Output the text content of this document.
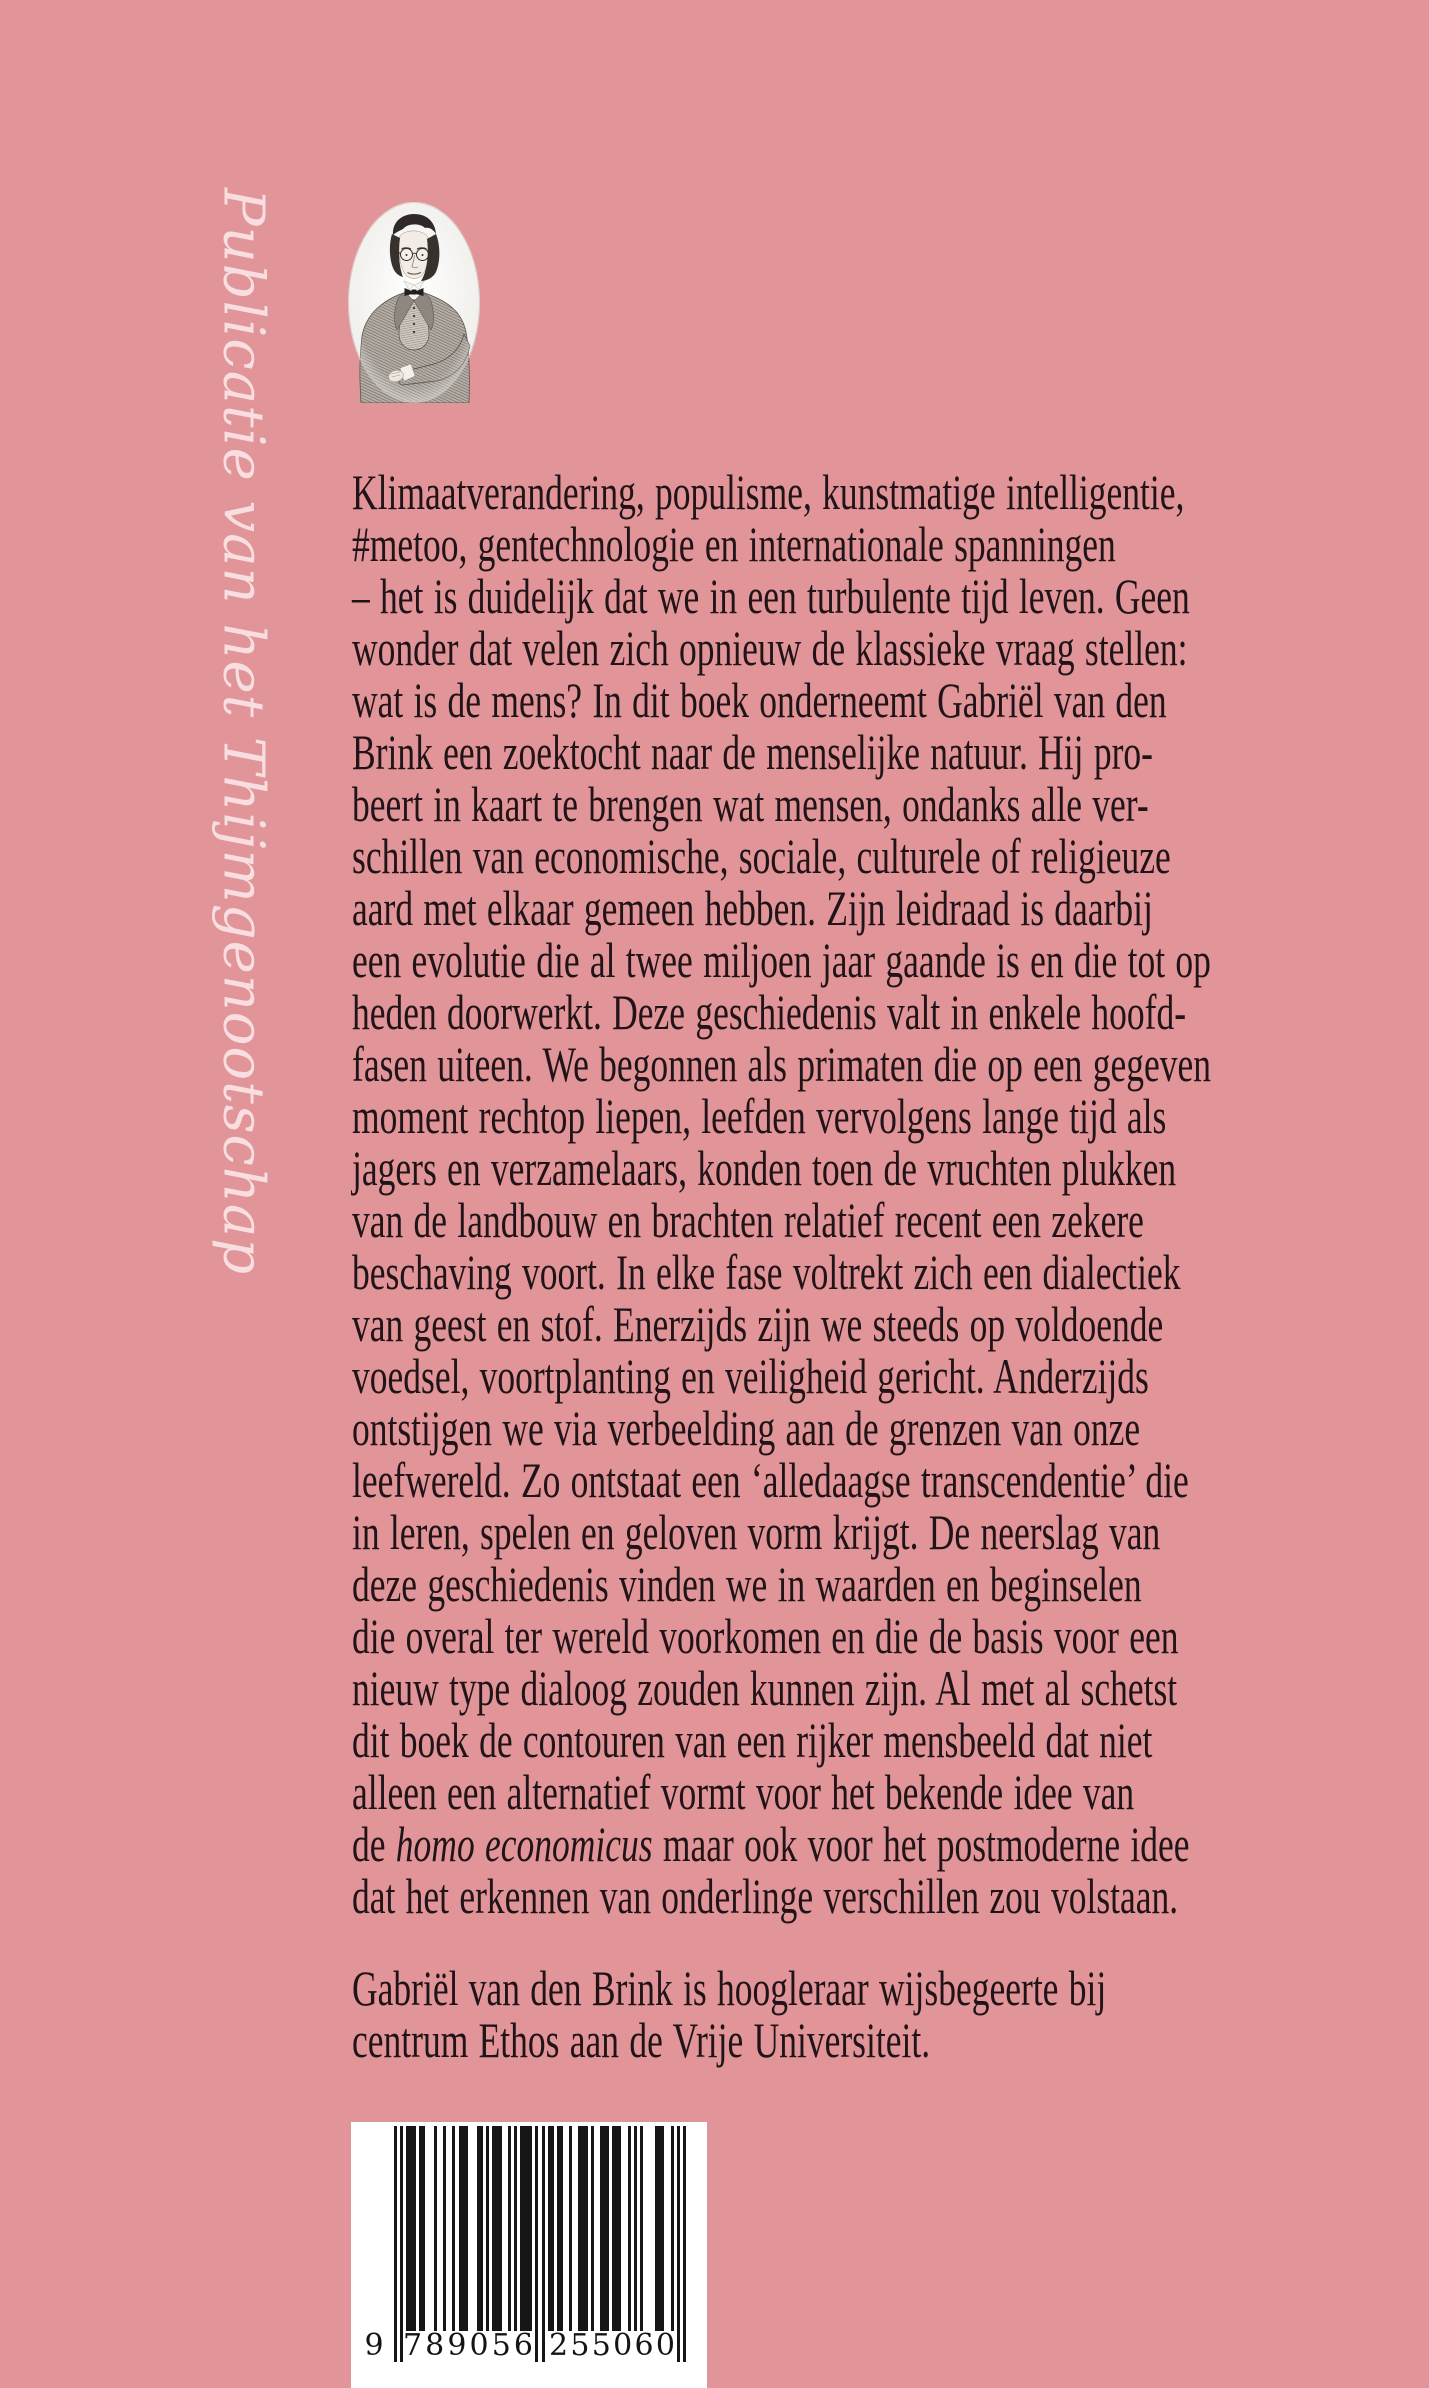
Publicatie van het Thijmgenootschap Klimaatverandering, populisme, kunstmatige intelligentie,
#metoo, gentechnologie en internationale spanningen
– het is duidelijk dat we in een turbulente tijd leven. Geen
wonder dat velen zich opnieuw de klassieke vraag stellen:
wat is de mens? In dit boek onderneemt Gabriël van den
Brink een zoektocht naar de menselijke natuur. Hij pro-
beert in kaart te brengen wat mensen, ondanks alle ver-
schillen van economische, sociale, culturele of religieuze
aard met elkaar gemeen hebben. Zijn leidraad is daarbij
een evolutie die al twee miljoen jaar gaande is en die tot op
heden doorwerkt. Deze geschiedenis valt in enkele hoofd-
fasen uiteen. We begonnen als primaten die op een gegeven
moment rechtop liepen, leefden vervolgens lange tijd als
jagers en verzamelaars, konden toen de vruchten plukken
van de landbouw en brachten relatief recent een zekere
beschaving voort. In elke fase voltrekt zich een dialectiek
van geest en stof. Enerzijds zijn we steeds op voldoende
voedsel, voortplanting en veiligheid gericht. Anderzijds
ontstijgen we via verbeelding aan de grenzen van onze
leefwereld. Zo ontstaat een ‘alledaagse transcendentie’ die
in leren, spelen en geloven vorm krijgt. De neerslag van
deze geschiedenis vinden we in waarden en beginselen
die overal ter wereld voorkomen en die de basis voor een
nieuw type dialoog zouden kunnen zijn. Al met al schetst
dit boek de contouren van een rijker mensbeeld dat niet
alleen een alternatief vormt voor het bekende idee van
de homo economicus maar ook voor het postmoderne idee
dat het erkennen van onderlinge verschillen zou volstaan.
Gabriël van den Brink is hoogleraar wijsbegeerte bij
centrum Ethos aan de Vrije Universiteit.
9 7 8 9 0 5 6 2 5 5 0 6 0
